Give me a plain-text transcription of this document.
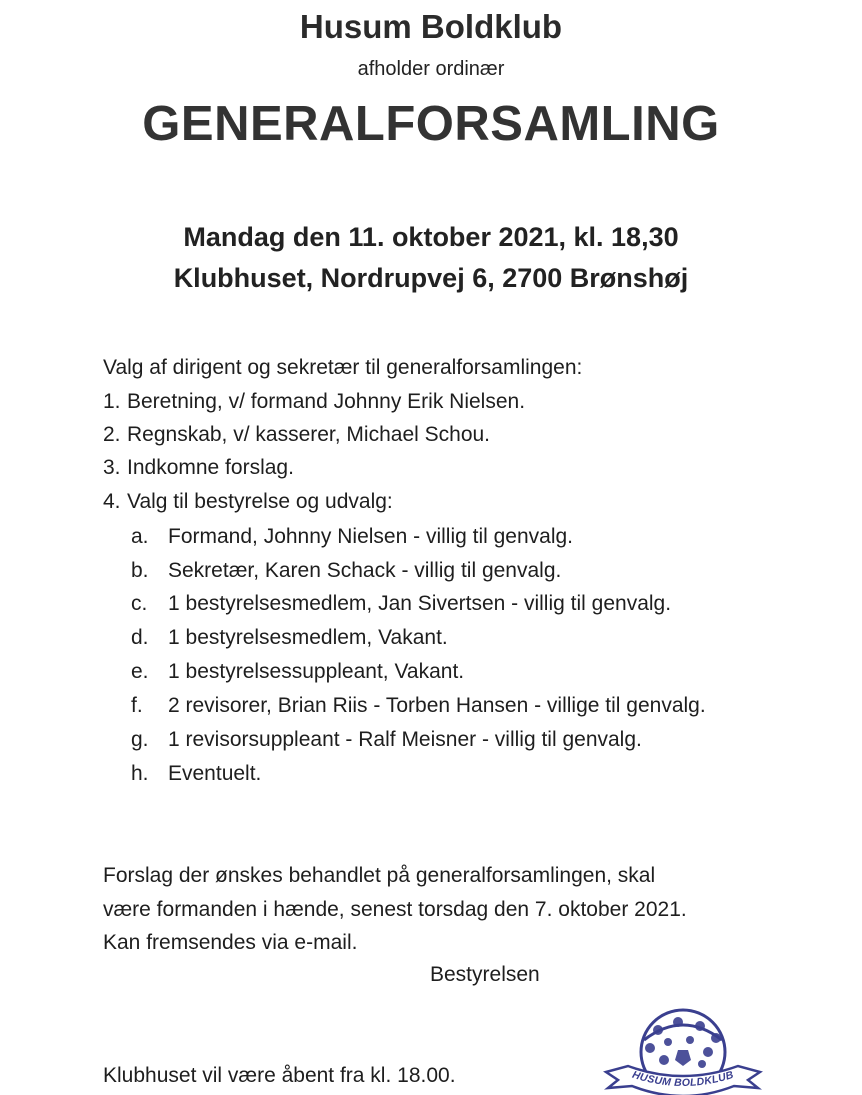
Husum Boldklub
afholder ordinær
GENERALFORSAMLING
Mandag den 11. oktober 2021, kl. 18,30
Klubhuset, Nordrupvej 6, 2700 Brønshøj
Valg af dirigent og sekretær til generalforsamlingen:
1. Beretning, v/ formand Johnny Erik Nielsen.
2. Regnskab, v/ kasserer, Michael Schou.
3. Indkomne forslag.
4. Valg til bestyrelse og udvalg:
a. Formand, Johnny Nielsen - villig til genvalg.
b. Sekretær, Karen Schack - villig til genvalg.
c. 1 bestyrelsesmedlem, Jan Sivertsen - villig til genvalg.
d. 1 bestyrelsesmedlem, Vakant.
e. 1 bestyrelsessuppleant, Vakant.
f. 2 revisorer, Brian Riis - Torben Hansen - villige til genvalg.
g. 1 revisorsuppleant - Ralf Meisner - villig til genvalg.
h. Eventuelt.
Forslag der ønskes behandlet på generalforsamlingen, skal
være formanden i hænde, senest torsdag den 7. oktober 2021.
Kan fremsendes via e-mail.
Bestyrelsen
Klubhuset vil være åbent fra kl. 18.00.	HUSUM BOLDKLUB
